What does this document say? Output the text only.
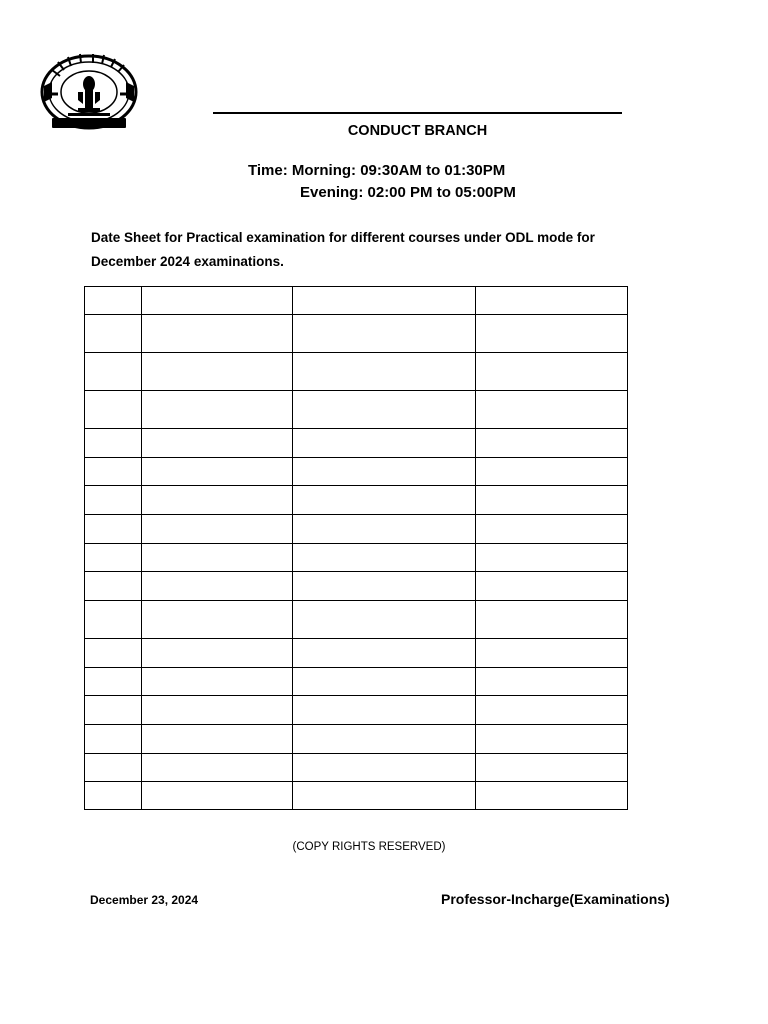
CONDUCT BRANCH
Time: Morning: 09:30AM to 01:30PM
Evening: 02:00 PM to 05:00PM
Date Sheet for Practical examination for different courses under ODL mode for
December 2024 examinations.

(COPY RIGHTS RESERVED)
December 23, 2024	Professor-Incharge(Examinations)
